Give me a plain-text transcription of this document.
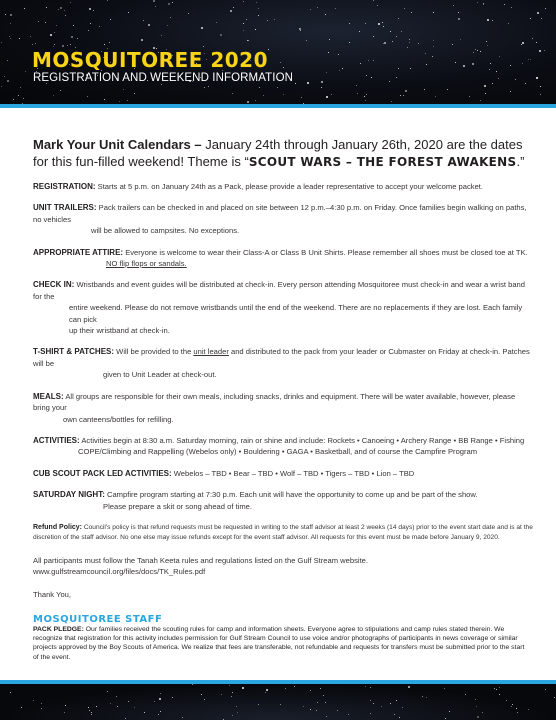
MOSQUITOREE 2020
REGISTRATION AND WEEKEND INFORMATION

Mark Your Unit Calendars – January 24th through January 26th, 2020 are the dates for this fun-filled weekend! Theme is “SCOUT WARS – THE FOREST AWAKENS.”

REGISTRATION: Starts at 5 p.m. on January 24th as a Pack, please provide a leader representative to accept your welcome packet.

UNIT TRAILERS: Pack trailers can be checked in and placed on site between 12 p.m.–4:30 p.m. on Friday. Once families begin walking on paths, no vehicles
will be allowed to campsites. No exceptions.

APPROPRIATE ATTIRE: Everyone is welcome to wear their Class-A or Class B Unit Shirts. Please remember all shoes must be closed toe at TK.
NO flip flops or sandals.

CHECK IN: Wristbands and event guides will be distributed at check-in. Every person attending Mosquitoree must check-in and wear a wrist band for the
entire weekend. Please do not remove wristbands until the end of the weekend. There are no replacements if they are lost. Each family can pick
up their wristband at check-in.

T-SHIRT & PATCHES: Will be provided to the unit leader and distributed to the pack from your leader or Cubmaster on Friday at check-in. Patches will be
given to Unit Leader at check-out.

MEALS: All groups are responsible for their own meals, including snacks, drinks and equipment. There will be water available, however, please bring your
own canteens/bottles for refilling.

ACTIVITIES: Activities begin at 8:30 a.m. Saturday morning, rain or shine and include: Rockets • Canoeing • Archery Range • BB Range • Fishing
COPE/Climbing and Rappelling (Webelos only) • Bouldering • GAGA • Basketball, and of course the Campfire Program

CUB SCOUT PACK LED ACTIVITIES: Webelos – TBD • Bear – TBD • Wolf – TBD • Tigers – TBD • Lion – TBD

SATURDAY NIGHT: Campfire program starting at 7:30 p.m. Each unit will have the opportunity to come up and be part of the show.
Please prepare a skit or song ahead of time.

Refund Policy: Council's policy is that refund requests must be requested in writing to the staff advisor at least 2 weeks (14 days) prior to the event start date and is at the discretion of the staff advisor. No one else may issue refunds except for the event staff advisor. All requests for this event must be made before January 9, 2020.

All participants must follow the Tanah Keeta rules and regulations listed on the Gulf Stream website. www.gulfstreamcouncil.org/files/docs/TK_Rules.pdf

Thank You,

MOSQUITOREE STAFF

PACK PLEDGE: Our families received the scouting rules for camp and information sheets. Everyone agree to stipulations and camp rules stated therein. We recognize that registration for this activity includes permission for Gulf Stream Council to use voice and/or photographs of participants in news coverage or similar projects approved by the Boy Scouts of America. We realize that fees are transferable, not refundable and requests for transfers must be submitted prior to the start of the event.
